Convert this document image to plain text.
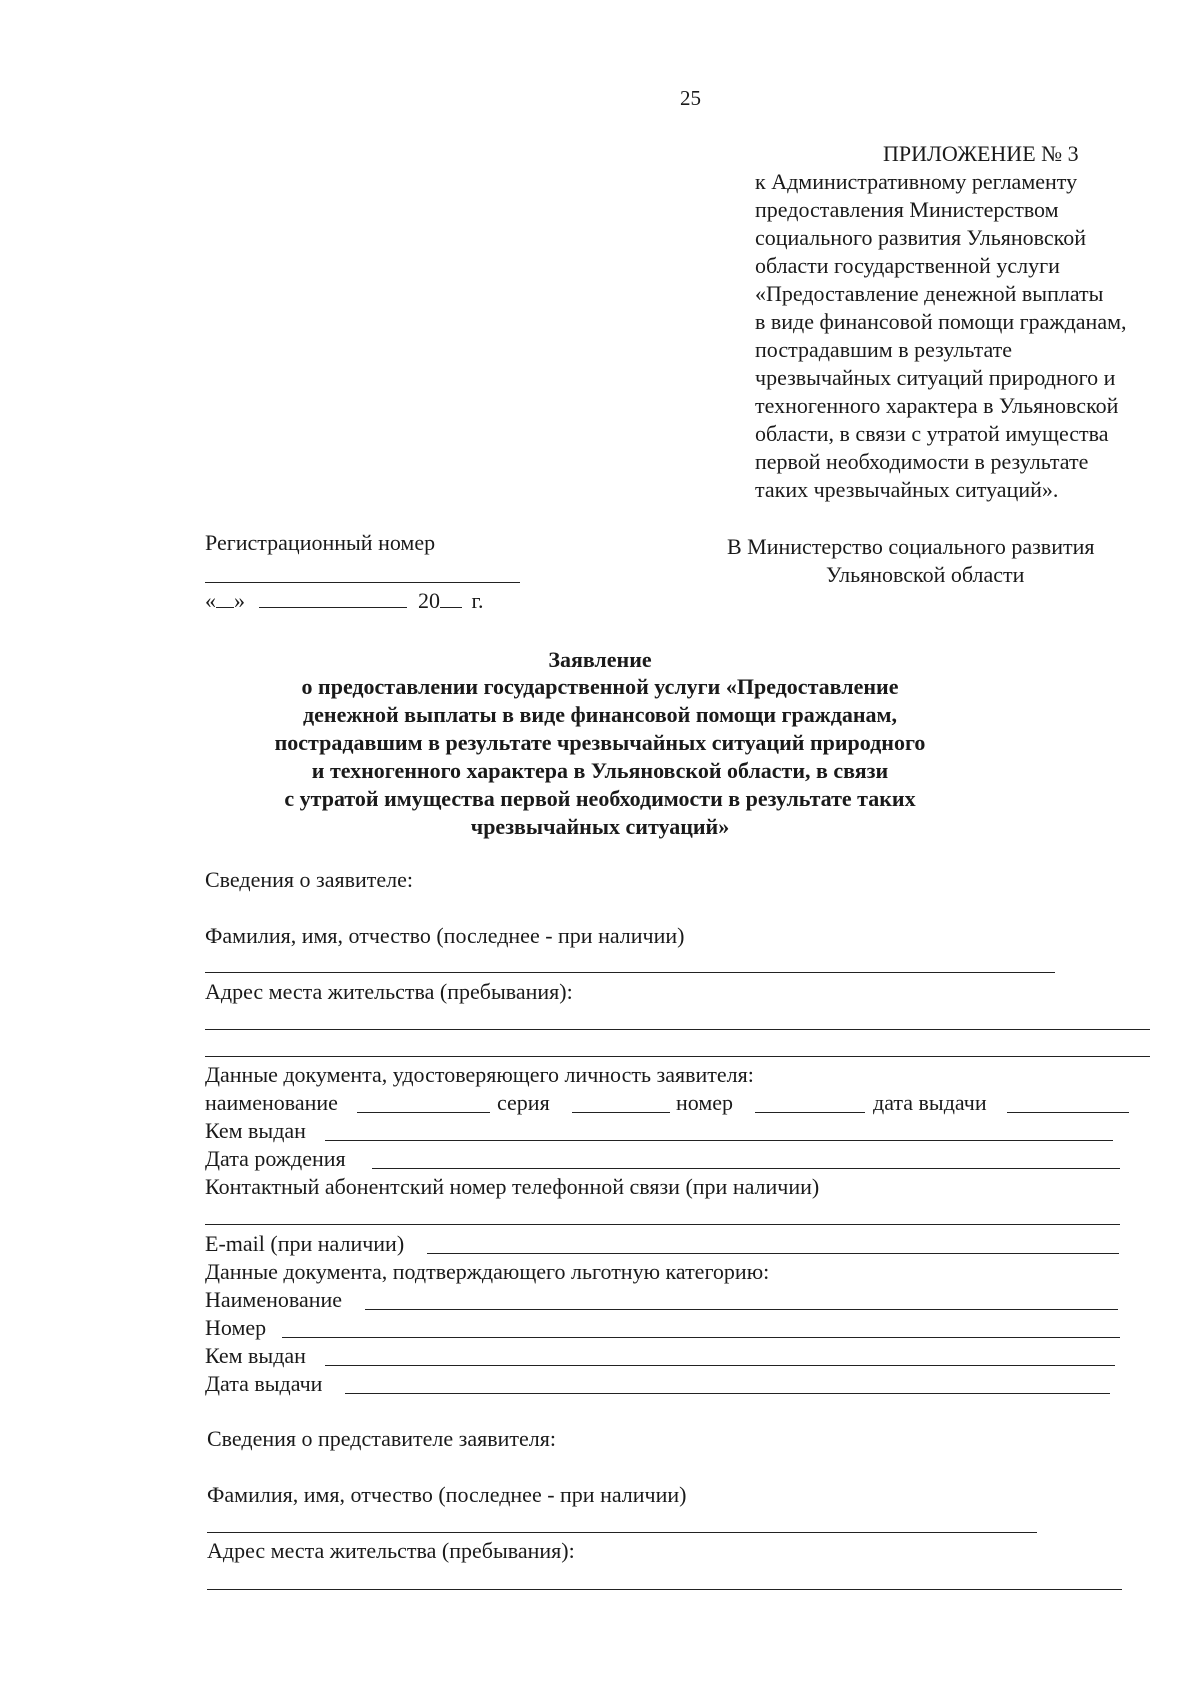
25
ПРИЛОЖЕНИЕ № 3
к Административному регламенту
предоставления Министерством
социального развития Ульяновской
области государственной услуги
«Предоставление денежной выплаты
в виде финансовой помощи гражданам,
пострадавшим в результате
чрезвычайных ситуаций природного и
техногенного характера в Ульяновской
области, в связи с утратой имущества
первой необходимости в результате
таких чрезвычайных ситуаций».
Регистрационный номер
« »	20 г.
В Министерство социального развития
Ульяновской области
Заявление
о предоставлении государственной услуги «Предоставление
денежной выплаты в виде финансовой помощи гражданам,
пострадавшим в результате чрезвычайных ситуаций природного
и техногенного характера в Ульяновской области, в связи
с утратой имущества первой необходимости в результате таких
чрезвычайных ситуаций»
Сведения о заявителе:
Фамилия, имя, отчество (последнее - при наличии)
Адрес места жительства (пребывания):
Данные документа, удостоверяющего личность заявителя:
наименование	серия	номер	дата выдачи
Кем выдан
Дата рождения
Контактный абонентский номер телефонной связи (при наличии)
E-mail (при наличии)
Данные документа, подтверждающего льготную категорию:
Наименование
Номер
Кем выдан
Дата выдачи
Сведения о представителе заявителя:
Фамилия, имя, отчество (последнее - при наличии)
Адрес места жительства (пребывания):
